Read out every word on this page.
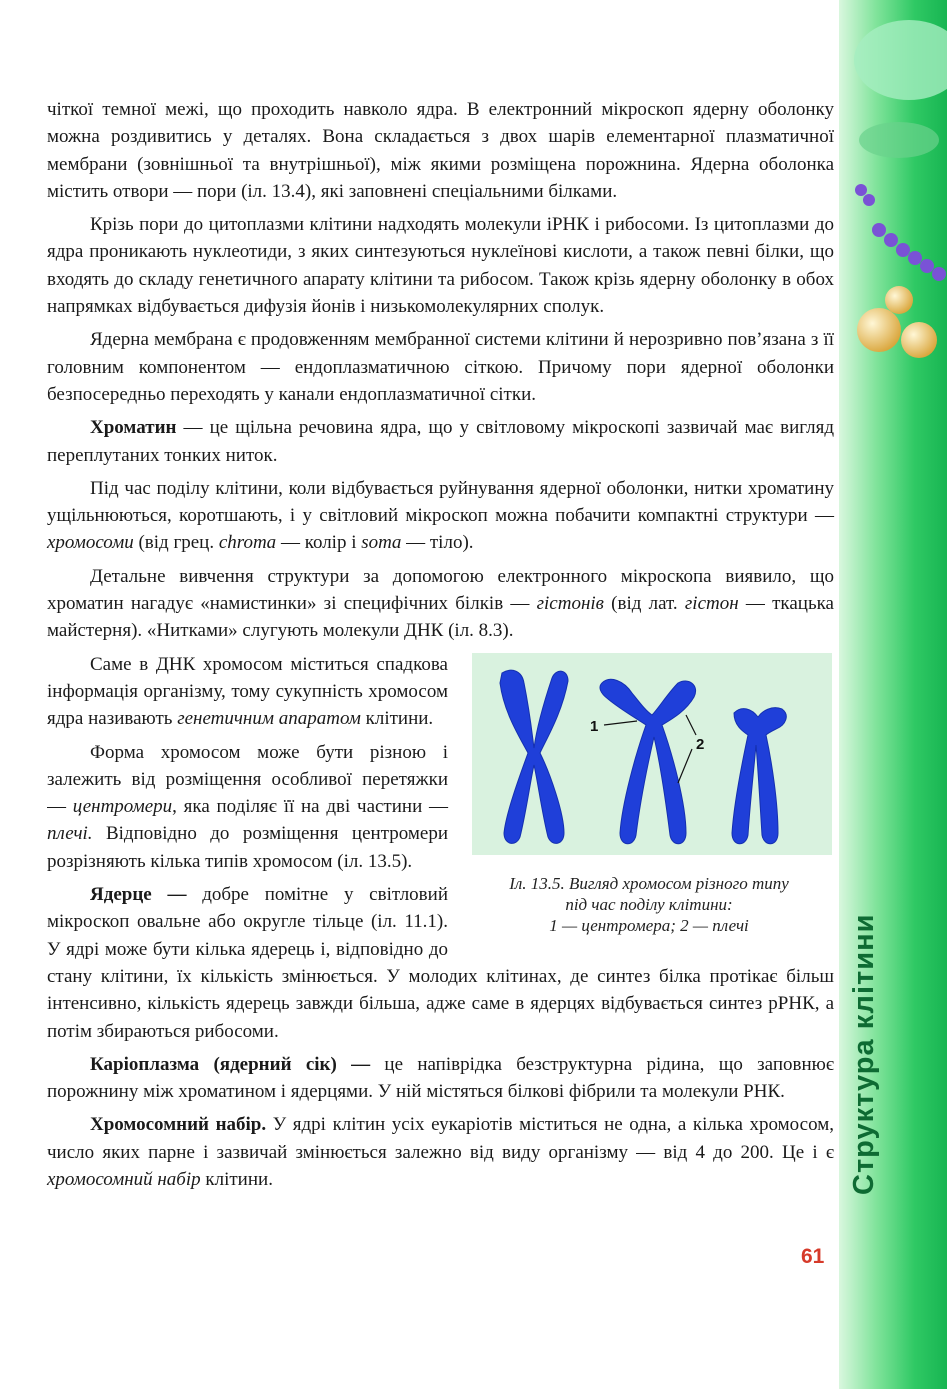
Структура клітини

чіткої темної межі, що проходить навколо ядра. В електронний мікроскоп ядерну оболонку можна роздивитись у деталях. Вона складається з двох шарів елементарної плазматичної мембрани (зовнішньої та внутрішньої), між якими розміщена порожнина. Ядерна оболонка містить отвори — пори (іл. 13.4), які заповнені спеціальними білками.

Крізь пори до цитоплазми клітини надходять молекули іРНК і рибосоми. Із цитоплазми до ядра проникають нуклеотиди, з яких синтезуються нуклеїнові кислоти, а також певні білки, що входять до складу генетичного апарату клітини та рибосом. Також крізь ядерну оболонку в обох напрямках відбувається дифузія йонів і низькомолекулярних сполук.

Ядерна мембрана є продовженням мембранної системи клітини й нерозривно пов’язана з її головним компонентом — ендоплазматичною сіткою. Причому пори ядерної оболонки безпосередньо переходять у канали ендоплазматичної сітки.

Хроматин — це щільна речовина ядра, що у світловому мікроскопі зазвичай має вигляд переплутаних тонких ниток.

Під час поділу клітини, коли відбувається руйнування ядерної оболонки, нитки хроматину ущільнюються, коротшають, і у світловий мікроскоп можна побачити компактні структури — хромосоми (від грец. chroma — колір і soma — тіло).

Детальне вивчення структури за допомогою електронного мікроскопа виявило, що хроматин нагадує «намистинки» зі специфічних білків — гістонів (від лат. гістон — ткацька майстерня). «Нитками» слугують молекули ДНК (іл. 8.3).

1
2
Іл. 13.5. Вигляд хромосом різного типу
під час поділу клітини:
1 — центромера; 2 — плечі

Саме в ДНК хромосом міститься спадкова інформація організму, тому сукупність хромосом ядра називають генетичним апаратом клітини.

Форма хромосом може бути різною і залежить від розміщення особливої перетяжки — центромери, яка поділяє її на дві частини — плечі. Відповідно до розміщення центромери розрізняють кілька типів хромосом (іл. 13.5).

Ядерце — добре помітне у світловий мікроскоп овальне або округле тільце (іл. 11.1). У ядрі може бути кілька ядерець і, відповідно до стану клітини, їх кількість змінюється. У молодих клітинах, де синтез білка протікає більш інтенсивно, кількість ядерець завжди більша, адже саме в ядерцях відбувається синтез рРНК, а потім збираються рибосоми.

Каріоплазма (ядерний сік) — це напіврідка безструктурна рідина, що заповнює порожнину між хроматином і ядерцями. У ній містяться білкові фібрили та молекули РНК.

Хромосомний набір. У ядрі клітин усіх еукаріотів міститься не одна, а кілька хромосом, число яких парне і зазвичай змінюється залежно від виду організму — від 4 до 200. Це і є хромосомний набір клітини.

61
